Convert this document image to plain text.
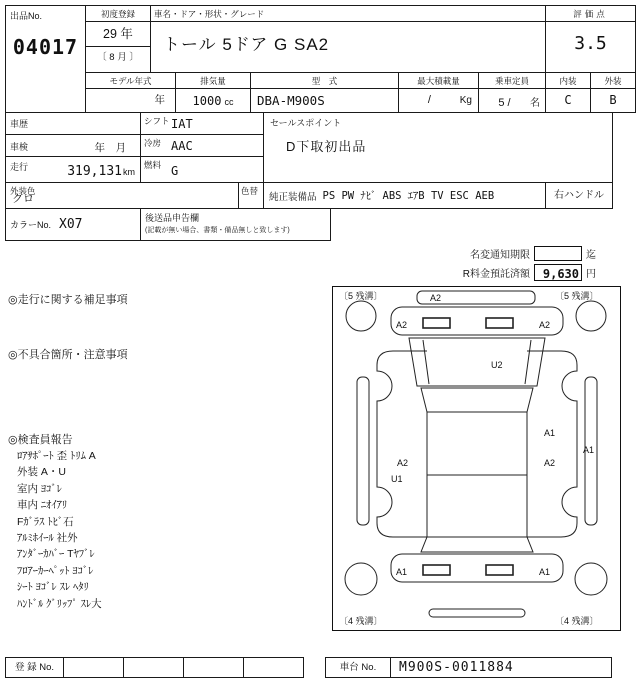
出品No.
04017
初度登録
29 年
〔 8 月 〕
車名・ドア・形状・グレード
トール 5ドア G SA2
評価点
3.5
モデル年式
年
排気量
1000 cc
型　式
DBA-M900S
最大積載量
/	Kg
乗車定員
5 /	名
内装
C
外装
B
車歴	シフト IAT
車検	年　月 冷房 AAC
走行	319,131 km
燃料 G
外装色
クロ
色替
カラーNo. X07	後送品申告欄
(記載が無い場合、書類・備品無しと致します)
セールスポイント
D下取初出品
純正装備品 PS PW ﾅﾋﾞ ABS ｴｱB TV ESC AEB	右ハンドル
名変通知期限	迄
R料金預託済額	9,630 円
◎走行に関する補足事項
◎不具合箇所・注意事項
◎検査員報告
ﾛｱｻﾎﾟｰﾄ 歪 ﾄﾘﾑ A
外装 A・U
室内 ﾖｺﾞﾚ
車内 ﾆｵｲｱﾘ
Fｶﾞﾗｽ ﾄﾋﾞ石
ｱﾙﾐﾎｲｰﾙ 社外
ｱﾝﾀﾞｰｶﾊﾞｰ Tﾔﾌﾞﾚ
ﾌﾛｱｰｶｰﾍﾟｯﾄ ﾖｺﾞﾚ
ｼｰﾄ ﾖｺﾞﾚ ｽﾚ ﾍﾀﾘ
ﾊﾝﾄﾞﾙ ｸﾞﾘｯﾌﾟ ｽﾚ大
〔5 残溝〕	〔5 残溝〕
〔4 残溝〕	〔4 残溝〕
A2
A2	A2
U2
A2
U1
A1
A2
A1
A1	A1
登 録 No.	車台 No.	M900S-0011884
